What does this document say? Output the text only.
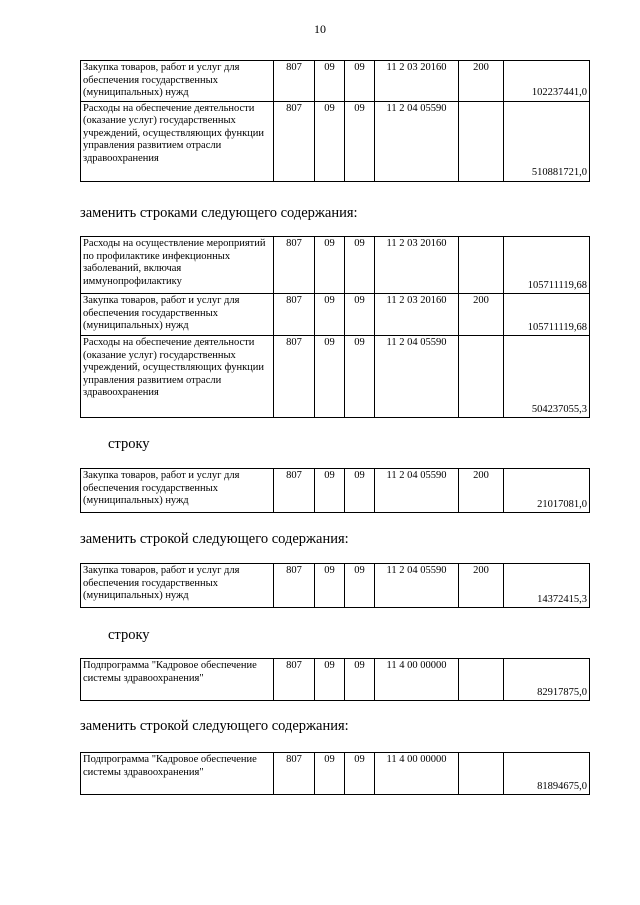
10
Закупка товаров, работ и услуг для обеспечения государственных (муниципальных) нужд	807	09	09	11 2 03 20160	200	102237441,0
Расходы на обеспечение деятельности (оказание услуг) государственных учреждений, осуществляющих функции управления развитием отрасли здравоохранения	807	09	09	11 2 04 05590		510881721,0
заменить строками следующего содержания:
Расходы на осуществление мероприятий по профилактике инфекционных заболеваний, включая иммунопрофилактику	807	09	09	11 2 03 20160		105711119,68
Закупка товаров, работ и услуг для обеспечения государственных (муниципальных) нужд	807	09	09	11 2 03 20160	200	105711119,68
Расходы на обеспечение деятельности (оказание услуг) государственных учреждений, осуществляющих функции управления развитием отрасли здравоохранения	807	09	09	11 2 04 05590		504237055,3
строку
Закупка товаров, работ и услуг для обеспечения государственных (муниципальных) нужд	807	09	09	11 2 04 05590	200	21017081,0
заменить строкой следующего содержания:
Закупка товаров, работ и услуг для обеспечения государственных (муниципальных) нужд	807	09	09	11 2 04 05590	200	14372415,3
строку
Подпрограмма "Кадровое обеспечение системы здравоохранения"	807	09	09	11 4 00 00000		82917875,0
заменить строкой следующего содержания:
Подпрограмма "Кадровое обеспечение системы здравоохранения"	807	09	09	11 4 00 00000		81894675,0
